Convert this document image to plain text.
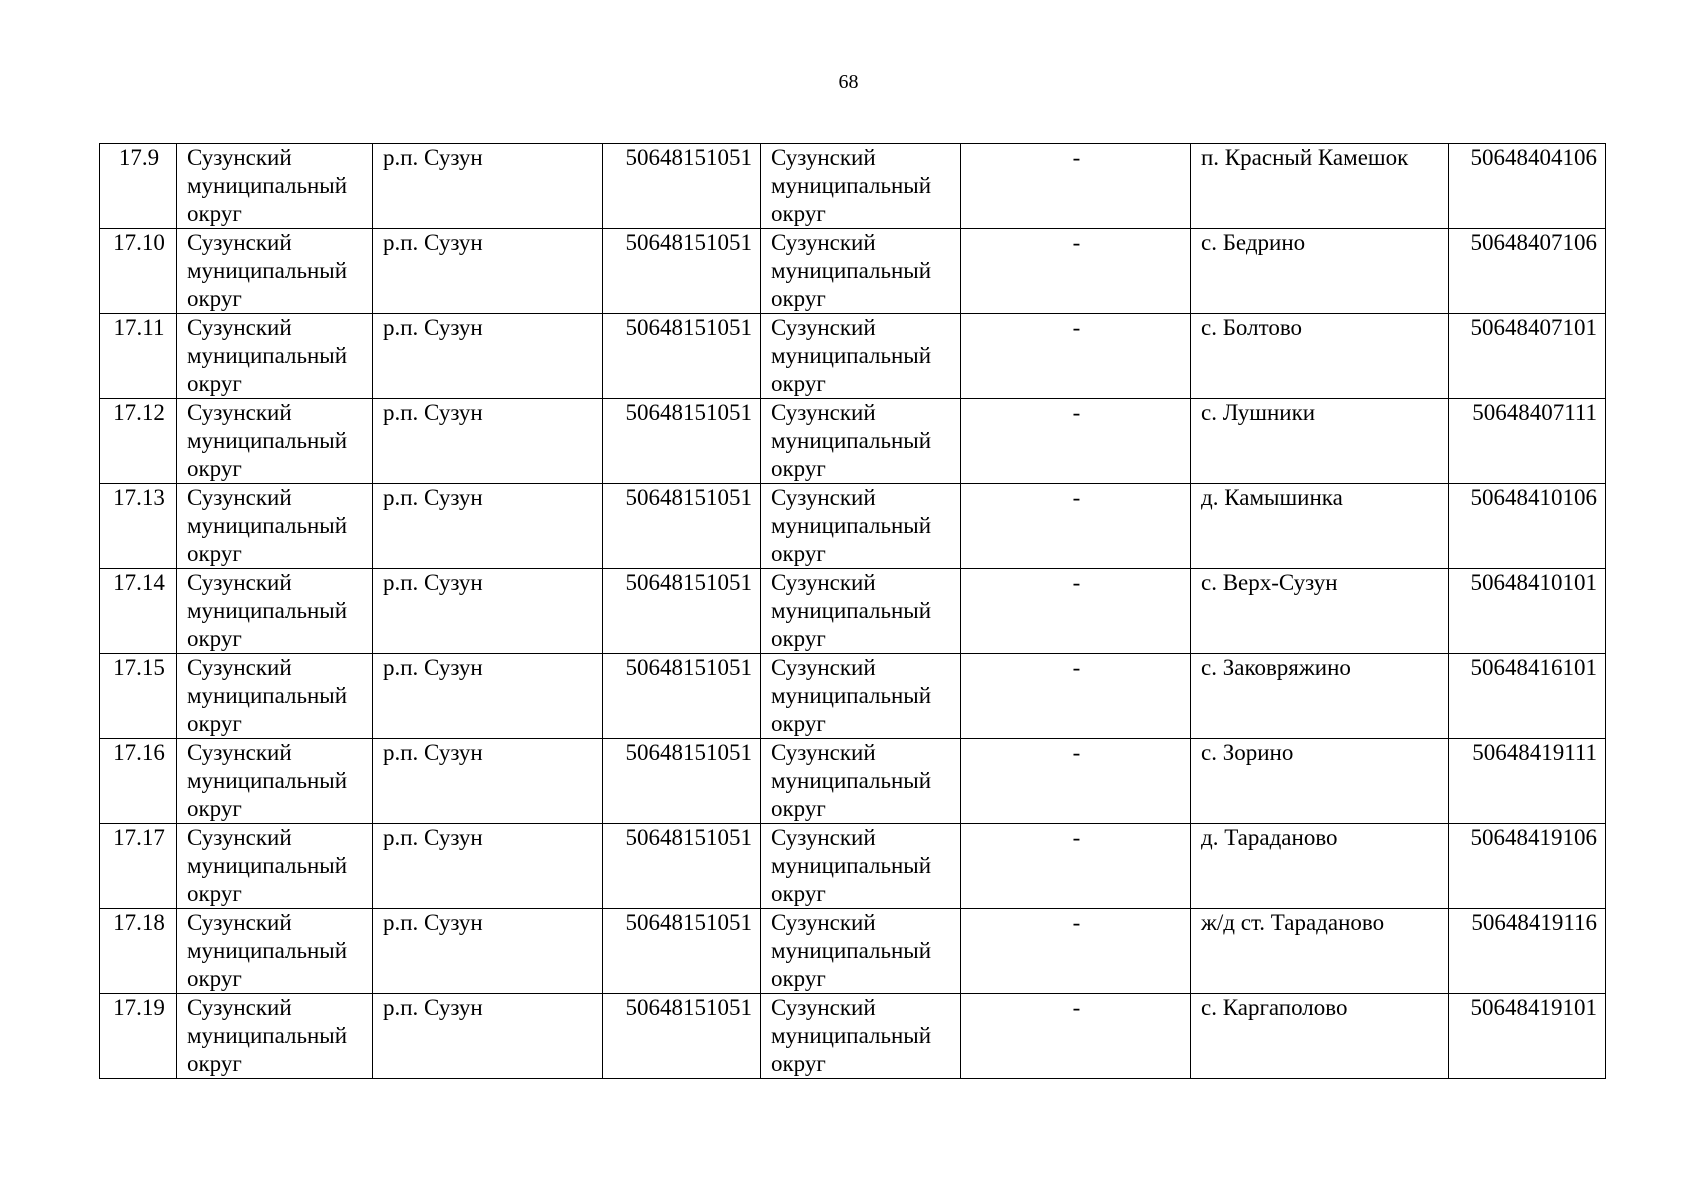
68
17.9	Сузунский муниципальный округ	р.п. Сузун	50648151051	Сузунский муниципальный округ	-	п. Красный Камешок	50648404106
17.10	Сузунский муниципальный округ	р.п. Сузун	50648151051	Сузунский муниципальный округ	-	с. Бедрино	50648407106
17.11	Сузунский муниципальный округ	р.п. Сузун	50648151051	Сузунский муниципальный округ	-	с. Болтово	50648407101
17.12	Сузунский муниципальный округ	р.п. Сузун	50648151051	Сузунский муниципальный округ	-	с. Лушники	50648407111
17.13	Сузунский муниципальный округ	р.п. Сузун	50648151051	Сузунский муниципальный округ	-	д. Камышинка	50648410106
17.14	Сузунский муниципальный округ	р.п. Сузун	50648151051	Сузунский муниципальный округ	-	с. Верх-Сузун	50648410101
17.15	Сузунский муниципальный округ	р.п. Сузун	50648151051	Сузунский муниципальный округ	-	с. Заковряжино	50648416101
17.16	Сузунский муниципальный округ	р.п. Сузун	50648151051	Сузунский муниципальный округ	-	с. Зорино	50648419111
17.17	Сузунский муниципальный округ	р.п. Сузун	50648151051	Сузунский муниципальный округ	-	д. Тараданово	50648419106
17.18	Сузунский муниципальный округ	р.п. Сузун	50648151051	Сузунский муниципальный округ	-	ж/д ст. Тараданово	50648419116
17.19	Сузунский муниципальный округ	р.п. Сузун	50648151051	Сузунский муниципальный округ	-	с. Каргаполово	50648419101
